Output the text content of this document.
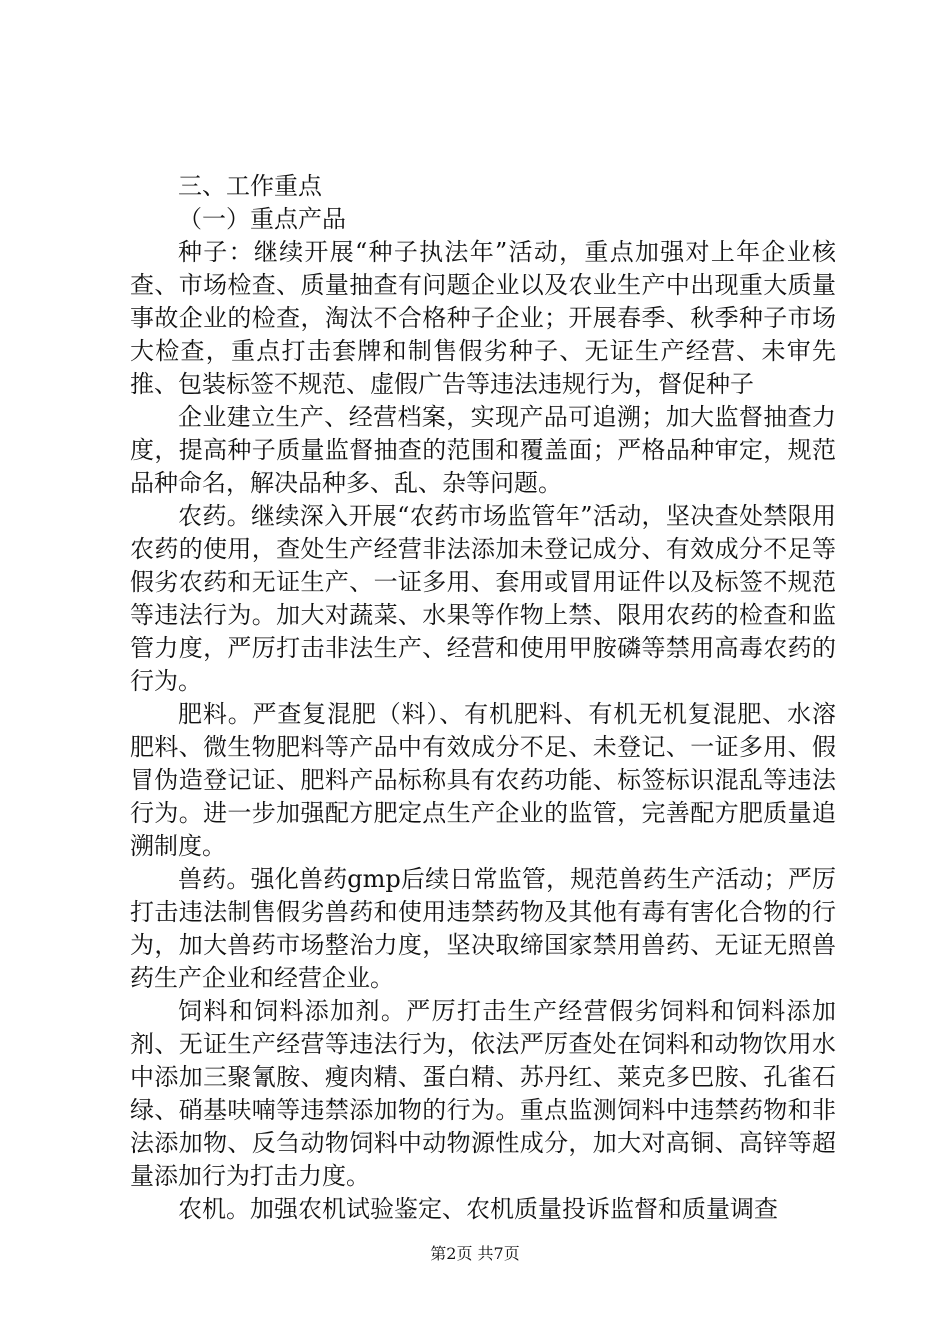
三、工作重点

（一）重点产品

种子：继续开展“种子执法年”活动，重点加强对上年企业核查、市场检查、质量抽查有问题企业以及农业生产中出现重大质量事故企业的检查，淘汰不合格种子企业；开展春季、秋季种子市场大检查，重点打击套牌和制售假劣种子、无证生产经营、未审先推、包装标签不规范、虚假广告等违法违规行为，督促种子

企业建立生产、经营档案，实现产品可追溯；加大监督抽查力度，提高种子质量监督抽查的范围和覆盖面；严格品种审定，规范品种命名，解决品种多、乱、杂等问题。

农药。继续深入开展“农药市场监管年”活动，坚决查处禁限用农药的使用，查处生产经营非法添加未登记成分、有效成分不足等假劣农药和无证生产、一证多用、套用或冒用证件以及标签不规范等违法行为。加大对蔬菜、水果等作物上禁、限用农药的检查和监管力度，严厉打击非法生产、经营和使用甲胺磷等禁用高毒农药的行为。

肥料。严查复混肥（料）、有机肥料、有机无机复混肥、水溶肥料、微生物肥料等产品中有效成分不足、未登记、一证多用、假冒伪造登记证、肥料产品标称具有农药功能、标签标识混乱等违法行为。进一步加强配方肥定点生产企业的监管，完善配方肥质量追溯制度。

兽药。强化兽药gmp后续日常监管，规范兽药生产活动；严厉打击违法制售假劣兽药和使用违禁药物及其他有毒有害化合物的行为，加大兽药市场整治力度，坚决取缔国家禁用兽药、无证无照兽药生产企业和经营企业。

饲料和饲料添加剂。严厉打击生产经营假劣饲料和饲料添加剂、无证生产经营等违法行为，依法严厉查处在饲料和动物饮用水中添加三聚氰胺、瘦肉精、蛋白精、苏丹红、莱克多巴胺、孔雀石绿、硝基呋喃等违禁添加物的行为。重点监测饲料中违禁药物和非法添加物、反刍动物饲料中动物源性成分，加大对高铜、高锌等超量添加行为打击力度。

农机。加强农机试验鉴定、农机质量投诉监督和质量调查

第2页 共7页
